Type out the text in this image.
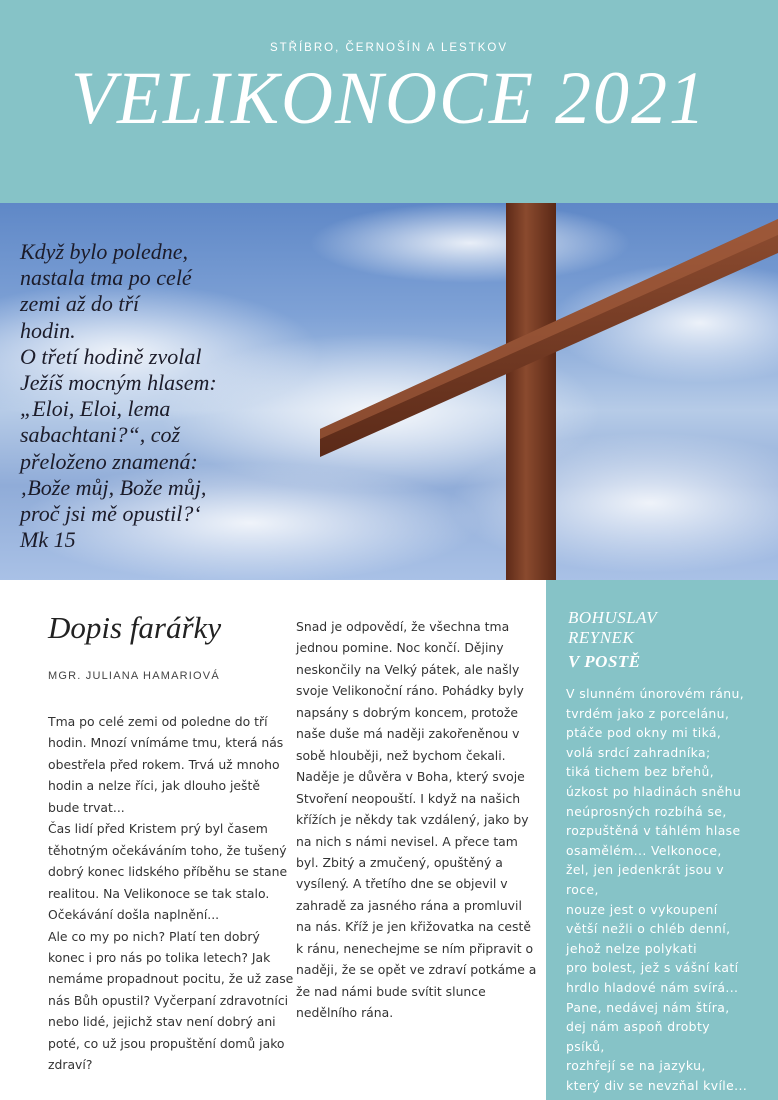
STŘÍBRO, ČERNOŠÍN A LESTKOV
VELIKONOCE 2021
Když bylo poledne,
nastala tma po celé
zemi až do tří
hodin.
O třetí hodině zvolal
Ježíš mocným hlasem:
„Eloi, Eloi, lema
sabachtani?“, což
přeloženo znamená:
‚Bože můj, Bože můj,
proč jsi mě opustil?‘
Mk 15
Dopis farářky
MGR. JULIANA HAMARIOVÁ
Tma po celé zemi od poledne do tří
hodin. Mnozí vnímáme tmu, která nás
obestřela před rokem. Trvá už mnoho
hodin a nelze říci, jak dlouho ještě
bude trvat...
Čas lidí před Kristem prý byl časem
těhotným očekáváním toho, že tušený
dobrý konec lidského příběhu se stane
realitou. Na Velikonoce se tak stalo.
Očekávání došla naplnění...
Ale co my po nich? Platí ten dobrý
konec i pro nás po tolika letech? Jak
nemáme propadnout pocitu, že už zase
nás Bůh opustil? Vyčerpaní zdravotníci
nebo lidé, jejichž stav není dobrý ani
poté, co už jsou propuštění domů jako
zdraví?
Snad je odpovědí, že všechna tma
jednou pomine. Noc končí. Dějiny
neskončily na Velký pátek, ale našly
svoje Velikonoční ráno. Pohádky byly
napsány s dobrým koncem, protože
naše duše má naději zakořeněnou v
sobě hlouběji, než bychom čekali.
Naděje je důvěra v Boha, který svoje
Stvoření neopouští. I když na našich
křížích je někdy tak vzdálený, jako by
na nich s námi nevisel. A přece tam
byl. Zbitý a zmučený, opuštěný a
vysílený. A třetího dne se objevil v
zahradě za jasného rána a promluvil
na nás. Kříž je jen křižovatka na cestě
k ránu, nenechejme se ním připravit o
naději, že se opět ve zdraví potkáme a
že nad námi bude svítit slunce
nedělního rána.
BOHUSLAV
REYNEK
V POSTĚ
V slunném únorovém ránu,
tvrdém jako z porcelánu,
ptáče pod okny mi tiká,
volá srdcí zahradníka;
tiká tichem bez břehů,
úzkost po hladinách sněhu
neúprosných rozbíhá se,
rozpuštěná v táhlém hlase
osamělém... Velkonoce,
žel, jen jedenkrát jsou v
roce,
nouze jest o vykoupení
větší nežli o chléb denní,
jehož nelze polykati
pro bolest, jež s vášní katí
hrdlo hladové nám svírá...
Pane, nedávej nám štíra,
dej nám aspoň drobty
psíků,
rozhřejí se na jazyku,
který div se nevzňal kvíle...
